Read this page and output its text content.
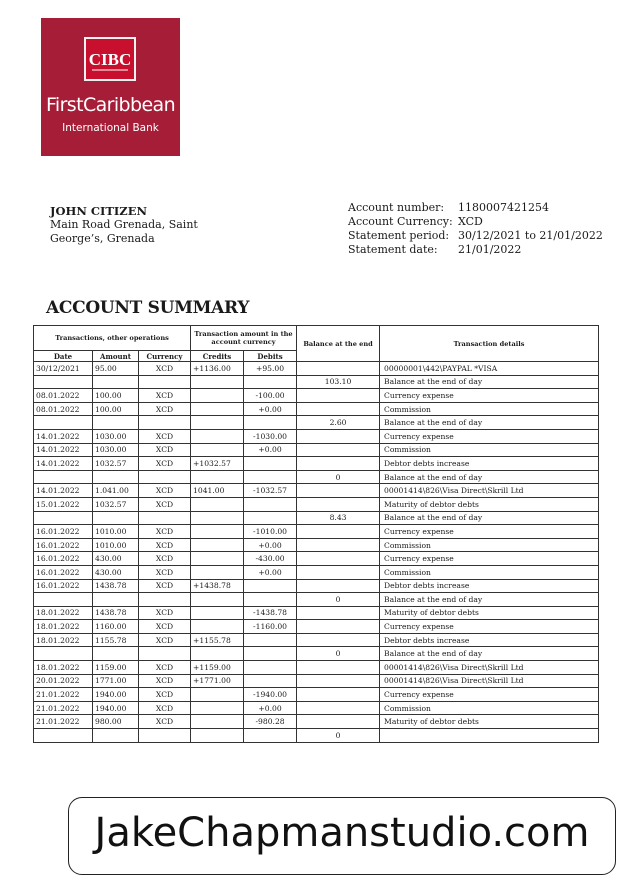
CIBC
FirstCaribbean
International Bank
JOHN CITIZEN
Main Road Grenada, Saint
George’s, Grenada
Account number:	1180007421254
Account Currency: XCD
Statement period: 30/12/2021 to 21/01/2022
Statement date:	21/01/2022
ACCOUNT SUMMARY
Transactions, other operations			Transaction amount in the account currency		Balance at the end	Transaction details
Date	Amount	Currency	Credits	Debits		
30/12/2021	95.00	XCD	+1136.00	+95.00		00000001\442\PAYPAL *VISA
					103.10	Balance at the end of day
08.01.2022	100.00	XCD		-100.00		Currency expense
08.01.2022	100.00	XCD		+0.00		Commission
					2.60	Balance at the end of day
14.01.2022	1030.00	XCD		-1030.00		Currency expense
14.01.2022	1030.00	XCD		+0.00		Commission
14.01.2022	1032.57	XCD	+1032.57			Debtor debts increase
					0	Balance at the end of day
14.01.2022	1.041.00	XCD	1041.00	-1032.57		00001414\826\Visa Direct\Skrill Ltd
15.01.2022	1032.57	XCD				Maturity of debtor debts
					8.43	Balance at the end of day
16.01.2022	1010.00	XCD		-1010.00		Currency expense
16.01.2022	1010.00	XCD		+0.00		Commission
16.01.2022	430.00	XCD		-430.00		Currency expense
16.01.2022	430.00	XCD		+0.00		Commission
16.01.2022	1438.78	XCD	+1438.78			Debtor debts increase
					0	Balance at the end of day
18.01.2022	1438.78	XCD		-1438.78		Maturity of debtor debts
18.01.2022	1160.00	XCD		-1160.00		Currency expense
18.01.2022	1155.78	XCD	+1155.78			Debtor debts increase
					0	Balance at the end of day
18.01.2022	1159.00	XCD	+1159.00			00001414\826\Visa Direct\Skrill Ltd
20.01.2022	1771.00	XCD	+1771.00			00001414\826\Visa Direct\Skrill Ltd
21.01.2022	1940.00	XCD		-1940.00		Currency expense
21.01.2022	1940.00	XCD		+0.00		Commission
21.01.2022	980.00	XCD		-980.28		Maturity of debtor debts
					0	
JakeChapmanstudio.com
